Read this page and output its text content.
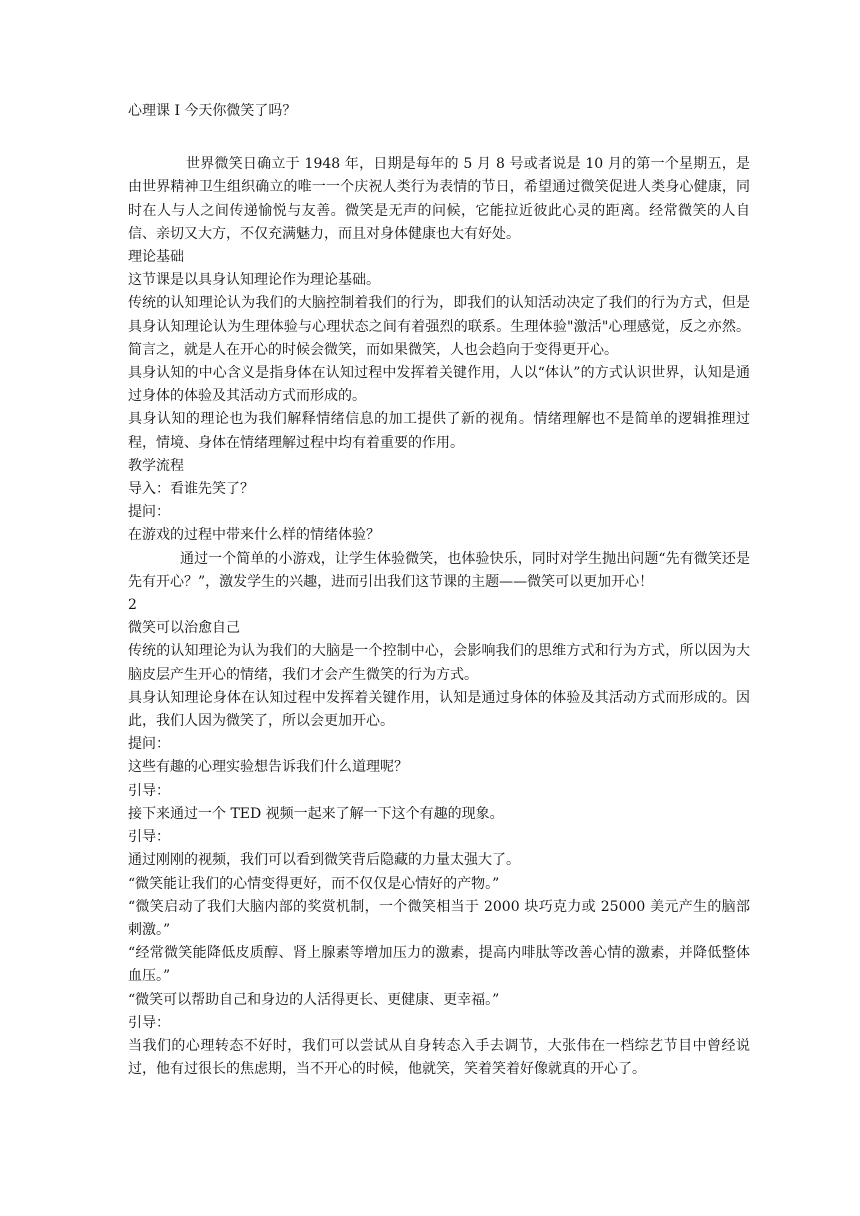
心理课 Ⅰ 今天你微笑了吗？

世界微笑日确立于 1948 年，日期是每年的 5 月 8 号或者说是 10 月的第一个星期五，是由世界精神卫生组织确立的唯一一个庆祝人类行为表情的节日，希望通过微笑促进人类身心健康，同时在人与人之间传递愉悦与友善。微笑是无声的问候，它能拉近彼此心灵的距离。经常微笑的人自信、亲切又大方，不仅充满魅力，而且对身体健康也大有好处。

理论基础

这节课是以具身认知理论作为理论基础。

传统的认知理论认为我们的大脑控制着我们的行为，即我们的认知活动决定了我们的行为方式，但是具身认知理论认为生理体验与心理状态之间有着强烈的联系。生理体验"激活"心理感觉，反之亦然。简言之，就是人在开心的时候会微笑，而如果微笑，人也会趋向于变得更开心。

具身认知的中心含义是指身体在认知过程中发挥着关键作用，人以“体认”的方式认识世界，认知是通过身体的体验及其活动方式而形成的。

具身认知的理论也为我们解释情绪信息的加工提供了新的视角。情绪理解也不是简单的逻辑推理过程，情境、身体在情绪理解过程中均有着重要的作用。

教学流程

导入：看谁先笑了？

提问：

在游戏的过程中带来什么样的情绪体验？

通过一个简单的小游戏，让学生体验微笑，也体验快乐，同时对学生抛出问题“先有微笑还是先有开心？”，激发学生的兴趣，进而引出我们这节课的主题——微笑可以更加开心！

2
微笑可以治愈自己

传统的认知理论为认为我们的大脑是一个控制中心，会影响我们的思维方式和行为方式，所以因为大脑皮层产生开心的情绪，我们才会产生微笑的行为方式。

具身认知理论身体在认知过程中发挥着关键作用，认知是通过身体的体验及其活动方式而形成的。因此，我们人因为微笑了，所以会更加开心。

提问：

这些有趣的心理实验想告诉我们什么道理呢？

引导：

接下来通过一个 TED 视频一起来了解一下这个有趣的现象。

引导：

通过刚刚的视频，我们可以看到微笑背后隐藏的力量太强大了。

“微笑能让我们的心情变得更好，而不仅仅是心情好的产物。”

“微笑启动了我们大脑内部的奖赏机制，一个微笑相当于 2000 块巧克力或 25000 美元产生的脑部刺激。”

“经常微笑能降低皮质醇、肾上腺素等增加压力的激素，提高内啡肽等改善心情的激素，并降低整体血压。”

“微笑可以帮助自己和身边的人活得更长、更健康、更幸福。”

引导：

当我们的心理转态不好时，我们可以尝试从自身转态入手去调节，大张伟在一档综艺节目中曾经说过，他有过很长的焦虑期，当不开心的时候，他就笑，笑着笑着好像就真的开心了。
